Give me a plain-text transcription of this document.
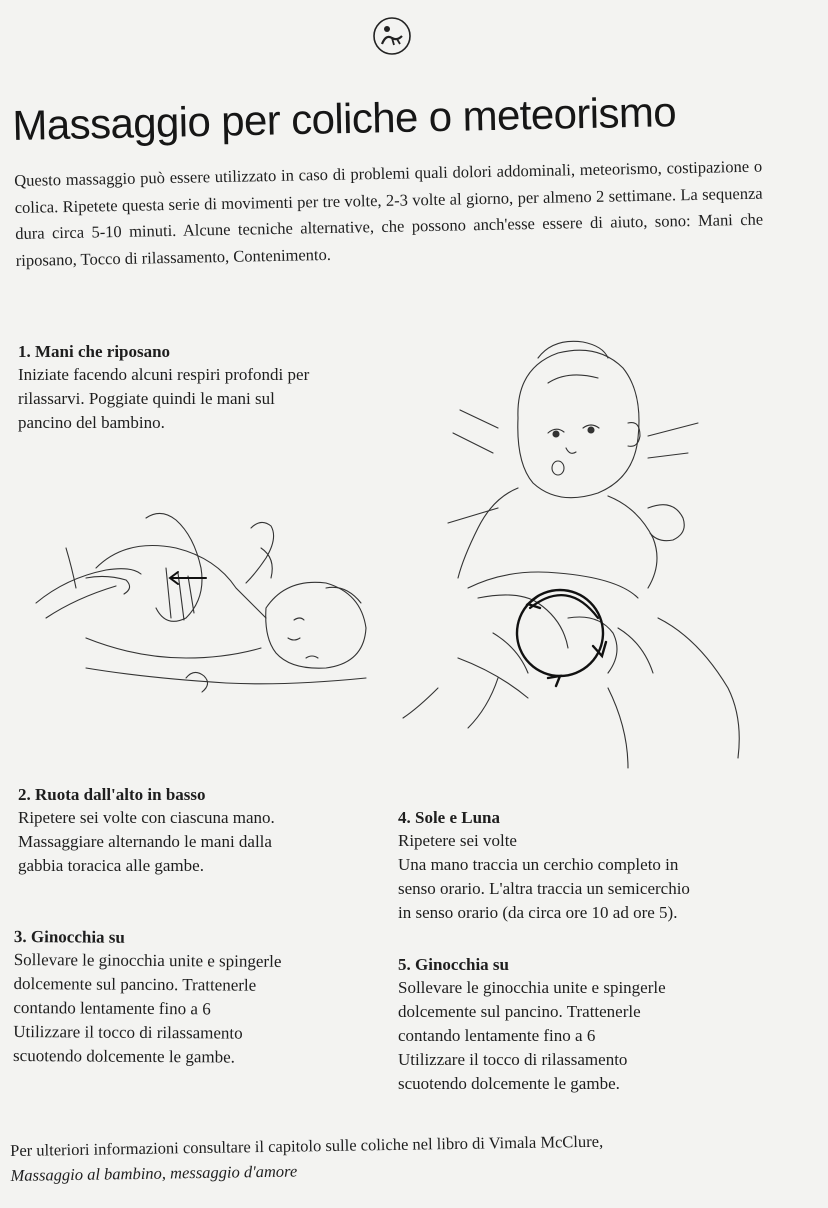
Massaggio per coliche o meteorismo

Questo massaggio può essere utilizzato in caso di problemi quali dolori addominali, meteorismo, costipazione o colica. Ripetete questa serie di movimenti per tre volte, 2-3 volte al giorno, per almeno 2 settimane. La sequenza dura circa 5-10 minuti. Alcune tecniche alternative, che possono anch'esse essere di aiuto, sono: Mani che riposano, Tocco di rilassamento, Contenimento.

1. Mani che riposano

Iniziate facendo alcuni respiri profondi per
rilassarvi. Poggiate quindi le mani sul
pancino del bambino.

2. Ruota dall'alto in basso

Ripetere sei volte con ciascuna mano.
Massaggiare alternando le mani dalla
gabbia toracica alle gambe.

3. Ginocchia su

Sollevare le ginocchia unite e spingerle
dolcemente sul pancino. Trattenerle
contando lentamente fino a 6
Utilizzare il tocco di rilassamento
scuotendo dolcemente le gambe.

4. Sole e Luna

Ripetere sei volte
Una mano traccia un cerchio completo in
senso orario. L'altra traccia un semicerchio
in senso orario (da circa ore 10 ad ore 5).

5. Ginocchia su

Sollevare le ginocchia unite e spingerle
dolcemente sul pancino. Trattenerle
contando lentamente fino a 6
Utilizzare il tocco di rilassamento
scuotendo dolcemente le gambe.

Per ulteriori informazioni consultare il capitolo sulle coliche nel libro di Vimala McClure,
Massaggio al bambino, messaggio d'amore
